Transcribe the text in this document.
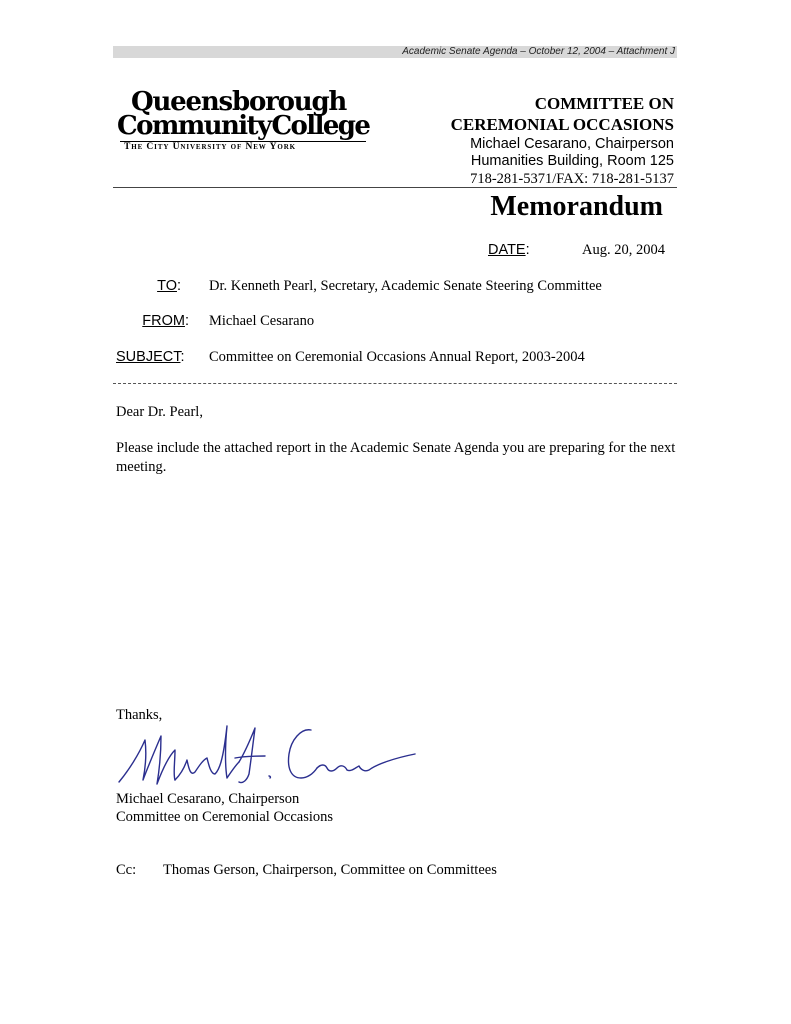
Academic Senate Agenda – October 12, 2004 – Attachment J
Queensborough
CommunityCollege
The City University of New York
COMMITTEE ON
CEREMONIAL OCCASIONS
Michael Cesarano, Chairperson
Humanities Building, Room 125
718-281-5371/FAX: 718-281-5137
Memorandum
DATE:	Aug. 20, 2004
TO: Dr. Kenneth Pearl, Secretary, Academic Senate Steering Committee
FROM: Michael Cesarano
SUBJECT: Committee on Ceremonial Occasions Annual Report, 2003-2004
Dear Dr. Pearl,
Please include the attached report in the Academic Senate Agenda you are preparing for the next meeting.
Thanks,
Michael Cesarano, Chairperson
Committee on Ceremonial Occasions
Cc: Thomas Gerson, Chairperson, Committee on Committees
